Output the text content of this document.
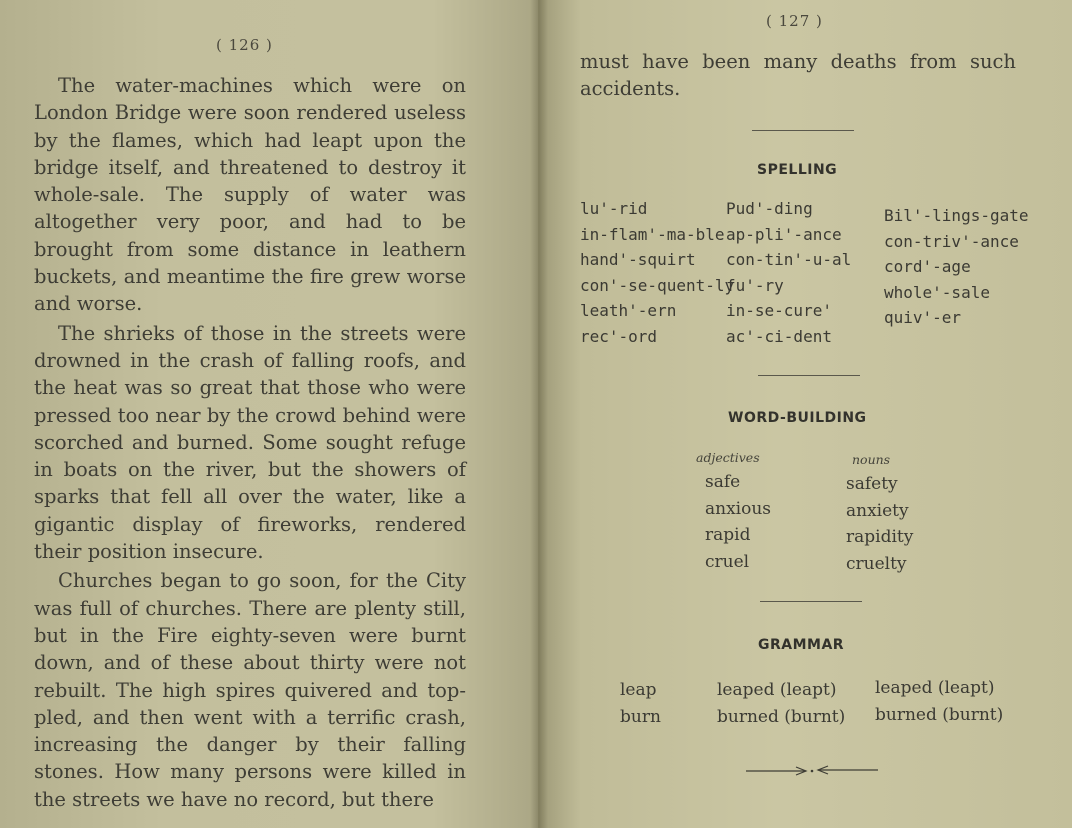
( 126 )

The water-machines which were on London Bridge were soon rendered useless by the flames, which had leapt upon the bridge itself, and threatened to destroy it whole-sale. The supply of water was altogether very poor, and had to be brought from some distance in leathern buckets, and meantime the fire grew worse and worse.

The shrieks of those in the streets were drowned in the crash of falling roofs, and the heat was so great that those who were pressed too near by the crowd behind were scorched and burned. Some sought refuge in boats on the river, but the showers of sparks that fell all over the water, like a gigantic display of fireworks, rendered their position insecure.

Churches began to go soon, for the City was full of churches. There are plenty still, but in the Fire eighty-seven were burnt down, and of these about thirty were not rebuilt. The high spires quivered and top-pled, and then went with a terrific crash, increasing the danger by their falling stones. How many persons were killed in the streets we have no record, but there

( 127 )

must have been many deaths from such accidents.

SPELLING
lu'-rid
in-flam'-ma-ble
hand'-squirt
con'-se-quent-ly
leath'-ern
rec'-ord
Pud'-ding
ap-pli'-ance
con-tin'-u-al
fu'-ry
in-se-cure'
ac'-ci-dent
Bil'-lings-gate
con-triv'-ance
cord'-age
whole'-sale
quiv'-er
WORD-BUILDING
adjectives	nouns
safe
anxious
rapid
cruel
safety
anxiety
rapidity
cruelty
GRAMMAR
leap
burn
leaped (leapt)
burned (burnt)
leaped (leapt)
burned (burnt)
